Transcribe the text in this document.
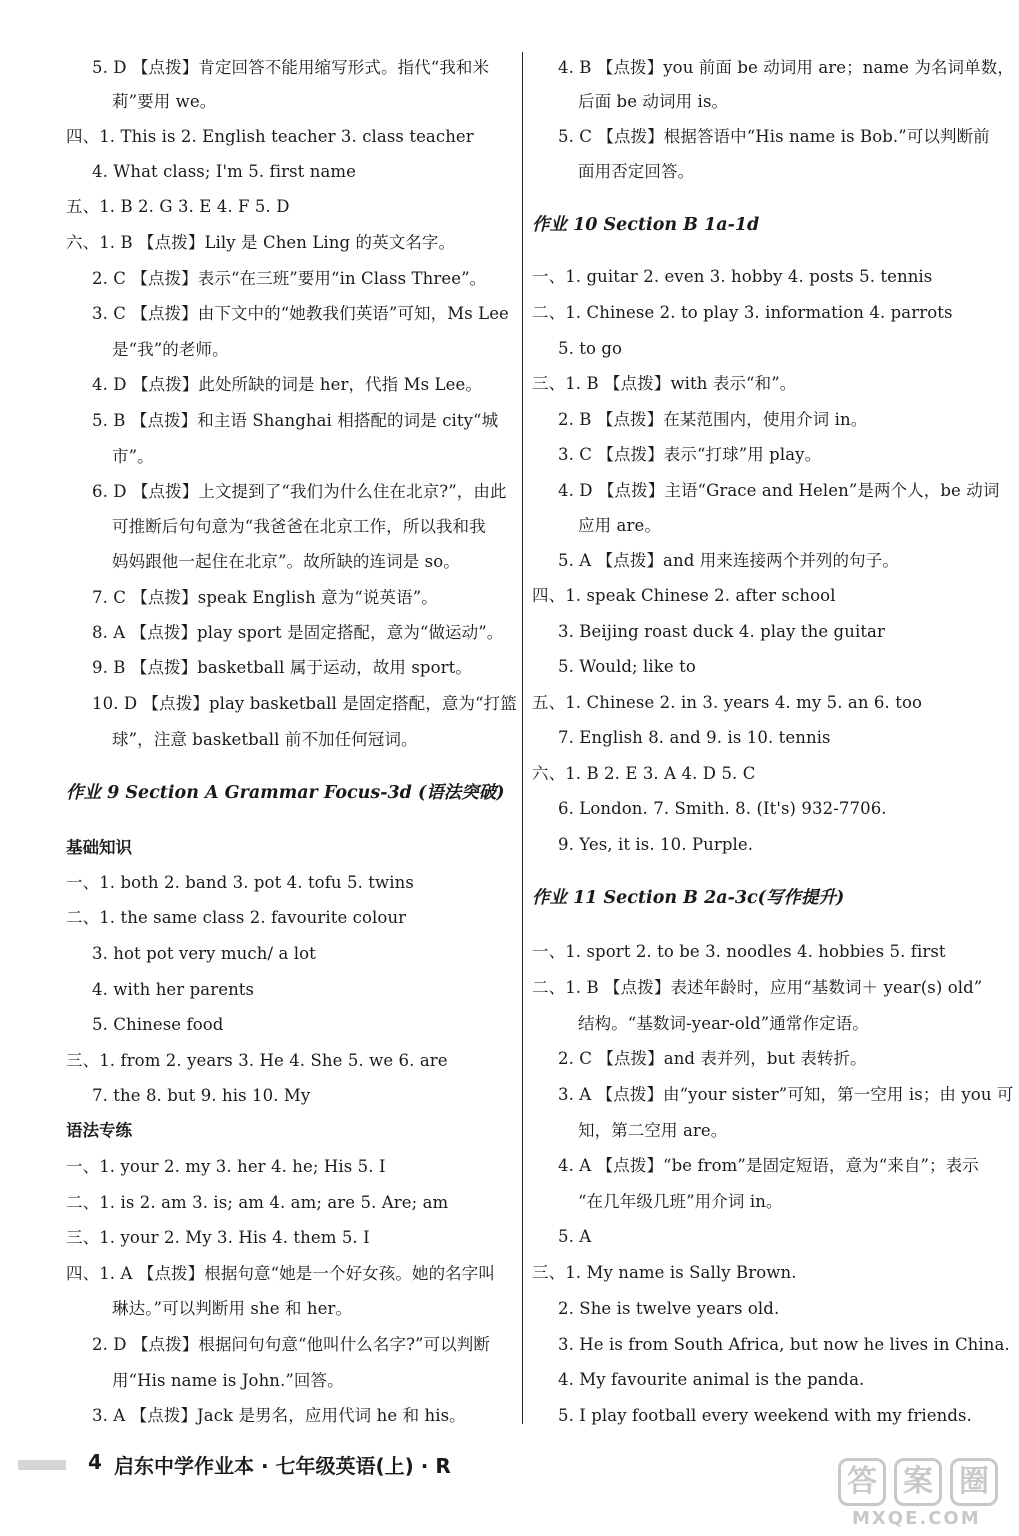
5. D 【点拨】肯定回答不能用缩写形式。指代“我和米
莉”要用 we。
四、1. This is 2. English teacher 3. class teacher
4. What class; I'm 5. first name
五、1. B 2. G 3. E 4. F 5. D
六、1. B 【点拨】Lily 是 Chen Ling 的英文名字。
2. C 【点拨】表示“在三班”要用“in Class Three”。
3. C 【点拨】由下文中的“她教我们英语”可知，Ms Lee
是“我”的老师。
4. D 【点拨】此处所缺的词是 her，代指 Ms Lee。
5. B 【点拨】和主语 Shanghai 相搭配的词是 city“城
市”。
6. D 【点拨】上文提到了“我们为什么住在北京?”，由此
可推断后句句意为“我爸爸在北京工作，所以我和我
妈妈跟他一起住在北京”。故所缺的连词是 so。
7. C 【点拨】speak English 意为“说英语”。
8. A 【点拨】play sport 是固定搭配，意为“做运动”。
9. B 【点拨】basketball 属于运动，故用 sport。
10. D 【点拨】play basketball 是固定搭配，意为“打篮
球”，注意 basketball 前不加任何冠词。
作业 9 Section A Grammar Focus-3d (语法突破)
基础知识
一、1. both 2. band 3. pot 4. tofu 5. twins
二、1. the same class 2. favourite colour
3. hot pot very much/ a lot
4. with her parents
5. Chinese food
三、1. from 2. years 3. He 4. She 5. we 6. are
7. the 8. but 9. his 10. My
语法专练
一、1. your 2. my 3. her 4. he; His 5. I
二、1. is 2. am 3. is; am 4. am; are 5. Are; am
三、1. your 2. My 3. His 4. them 5. I
四、1. A 【点拨】根据句意“她是一个好女孩。她的名字叫
琳达。”可以判断用 she 和 her。
2. D 【点拨】根据问句句意“他叫什么名字?”可以判断
用“His name is John.”回答。
3. A 【点拨】Jack 是男名，应用代词 he 和 his。
4. B 【点拨】you 前面 be 动词用 are；name 为名词单数，
后面 be 动词用 is。
5. C 【点拨】根据答语中“His name is Bob.”可以判断前
面用否定回答。
作业 10 Section B 1a-1d
一、1. guitar 2. even 3. hobby 4. posts 5. tennis
二、1. Chinese 2. to play 3. information 4. parrots
5. to go
三、1. B 【点拨】with 表示“和”。
2. B 【点拨】在某范围内，使用介词 in。
3. C 【点拨】表示“打球”用 play。
4. D 【点拨】主语“Grace and Helen”是两个人，be 动词
应用 are。
5. A 【点拨】and 用来连接两个并列的句子。
四、1. speak Chinese 2. after school
3. Beijing roast duck 4. play the guitar
5. Would; like to
五、1. Chinese 2. in 3. years 4. my 5. an 6. too
7. English 8. and 9. is 10. tennis
六、1. B 2. E 3. A 4. D 5. C
6. London. 7. Smith. 8. (It's) 932-7706.
9. Yes, it is. 10. Purple.
作业 11 Section B 2a-3c(写作提升)
一、1. sport 2. to be 3. noodles 4. hobbies 5. first
二、1. B 【点拨】表述年龄时，应用“基数词＋ year(s) old”
结构。“基数词-year-old”通常作定语。
2. C 【点拨】and 表并列，but 表转折。
3. A 【点拨】由“your sister”可知，第一空用 is；由 you 可
知，第二空用 are。
4. A 【点拨】“be from”是固定短语，意为“来自”；表示
“在几年级几班”用介词 in。
5. A
三、1. My name is Sally Brown.
2. She is twelve years old.
3. He is from South Africa, but now he lives in China.
4. My favourite animal is the panda.
5. I play football every weekend with my friends.
4 启东中学作业本 · 七年级英语(上) · R	答 案 圈
MXQE.COM
